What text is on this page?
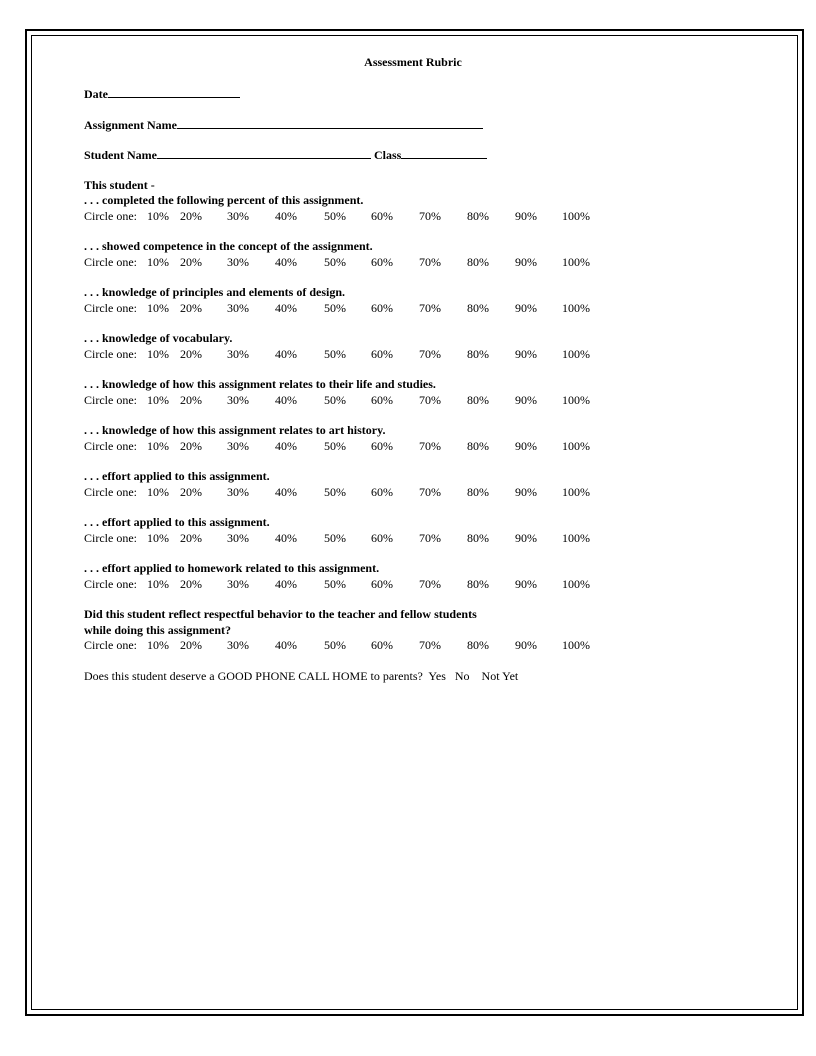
Assessment Rubric
Date
Assignment Name
Student Name	Class
This student -
. . . completed the following percent of this assignment.
Circle one: 10% 20% 30% 40% 50% 60% 70% 80% 90% 100%
. . . showed competence in the concept of the assignment.
Circle one: 10% 20% 30% 40% 50% 60% 70% 80% 90% 100%
. . . knowledge of principles and elements of design.
Circle one: 10% 20% 30% 40% 50% 60% 70% 80% 90% 100%
. . . knowledge of vocabulary.
Circle one: 10% 20% 30% 40% 50% 60% 70% 80% 90% 100%
. . . knowledge of how this assignment relates to their life and studies.
Circle one: 10% 20% 30% 40% 50% 60% 70% 80% 90% 100%
. . . knowledge of how this assignment relates to art history.
Circle one: 10% 20% 30% 40% 50% 60% 70% 80% 90% 100%
. . . effort applied to this assignment.
Circle one: 10% 20% 30% 40% 50% 60% 70% 80% 90% 100%
. . . effort applied to this assignment.
Circle one: 10% 20% 30% 40% 50% 60% 70% 80% 90% 100%
. . . effort applied to homework related to this assignment.
Circle one: 10% 20% 30% 40% 50% 60% 70% 80% 90% 100%
Did this student reflect respectful behavior to the teacher and fellow students
while doing this assignment?
Circle one: 10% 20% 30% 40% 50% 60% 70% 80% 90% 100%
Does this student deserve a GOOD PHONE CALL HOME to parents? Yes No Not Yet
